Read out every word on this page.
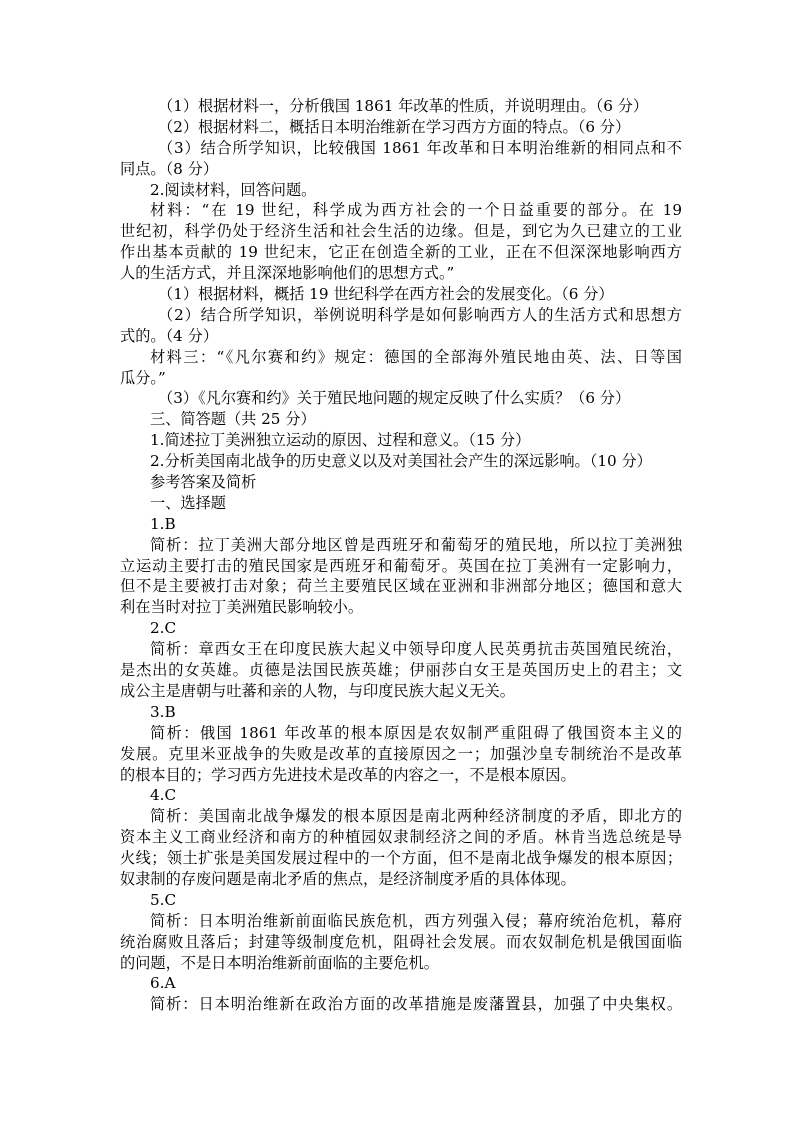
（1）根据材料一，分析俄国 1861 年改革的性质，并说明理由。（6 分）
（2）根据材料二，概括日本明治维新在学习西方方面的特点。（6 分）
（3）结合所学知识，比较俄国 1861 年改革和日本明治维新的相同点和不
同点。（8 分）
2.阅读材料，回答问题。
材料：“在 19 世纪，科学成为西方社会的一个日益重要的部分。在 19
世纪初，科学仍处于经济生活和社会生活的边缘。但是，到它为久已建立的工业
作出基本贡献的 19 世纪末，它正在创造全新的工业，正在不但深深地影响西方
人的生活方式，并且深深地影响他们的思想方式。”
（1）根据材料，概括 19 世纪科学在西方社会的发展变化。（6 分）
（2）结合所学知识，举例说明科学是如何影响西方人的生活方式和思想方
式的。（4 分）
材料三：“《凡尔赛和约》规定：德国的全部海外殖民地由英、法、日等国
瓜分。”
（3）《凡尔赛和约》关于殖民地问题的规定反映了什么实质？（6 分）
三、简答题（共 25 分）
1.简述拉丁美洲独立运动的原因、过程和意义。（15 分）
2.分析美国南北战争的历史意义以及对美国社会产生的深远影响。（10 分）
参考答案及简析
一、选择题
1.B
简析：拉丁美洲大部分地区曾是西班牙和葡萄牙的殖民地，所以拉丁美洲独
立运动主要打击的殖民国家是西班牙和葡萄牙。英国在拉丁美洲有一定影响力，
但不是主要被打击对象；荷兰主要殖民区域在亚洲和非洲部分地区；德国和意大
利在当时对拉丁美洲殖民影响较小。
2.C
简析：章西女王在印度民族大起义中领导印度人民英勇抗击英国殖民统治，
是杰出的女英雄。贞德是法国民族英雄；伊丽莎白女王是英国历史上的君主；文
成公主是唐朝与吐蕃和亲的人物，与印度民族大起义无关。
3.B
简析：俄国 1861 年改革的根本原因是农奴制严重阻碍了俄国资本主义的
发展。克里米亚战争的失败是改革的直接原因之一；加强沙皇专制统治不是改革
的根本目的；学习西方先进技术是改革的内容之一，不是根本原因。
4.C
简析：美国南北战争爆发的根本原因是南北两种经济制度的矛盾，即北方的
资本主义工商业经济和南方的种植园奴隶制经济之间的矛盾。林肯当选总统是导
火线；领土扩张是美国发展过程中的一个方面，但不是南北战争爆发的根本原因；
奴隶制的存废问题是南北矛盾的焦点，是经济制度矛盾的具体体现。
5.C
简析：日本明治维新前面临民族危机，西方列强入侵；幕府统治危机，幕府
统治腐败且落后；封建等级制度危机，阻碍社会发展。而农奴制危机是俄国面临
的问题，不是日本明治维新前面临的主要危机。
6.A
简析：日本明治维新在政治方面的改革措施是废藩置县，加强了中央集权。
